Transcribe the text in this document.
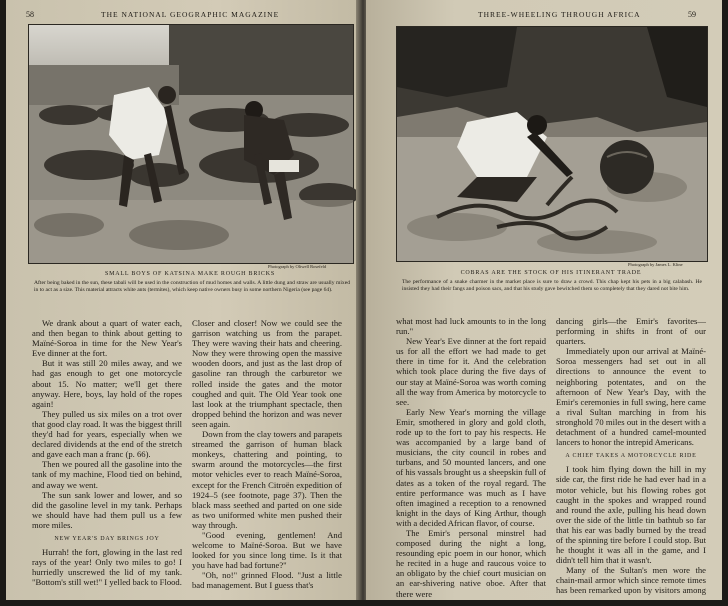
58	THE NATIONAL GEOGRAPHIC MAGAZINE
Photograph by Oliwell Rosefeld
SMALL BOYS OF KATSINA MAKE ROUGH BRICKS
After being baked in the sun, these tabali will be used in the construction of mud homes and walls. A little dung and straw are usually mixed in to act as a size. This material attracts white ants (termites), which keep native owners busy in some northern Nigeria (see page 64).

We drank about a quart of water each, and then began to think about getting to Maïné-Soroa in time for the New Year's Eve dinner at the fort.

But it was still 20 miles away, and we had gas enough to get one motorcycle about 15. No matter; we'll get there anyway. Here, boys, lay hold of the ropes again!

They pulled us six miles on a trot over that good clay road. It was the biggest thrill they'd had for years, especially when we declared dividends at the end of the stretch and gave each man a franc (p. 66).

Then we poured all the gasoline into the tank of my machine, Flood tied on behind, and away we went.

The sun sank lower and lower, and so did the gasoline level in my tank. Perhaps we should have had them pull us a few more miles.

NEW YEAR'S DAY BRINGS JOY

Hurrah! the fort, glowing in the last red rays of the year! Only two miles to go! I hurriedly unscrewed the lid of my tank. "Bottom's still wet!" I yelled back to Flood.

Closer and closer! Now we could see the garrison watching us from the parapet. They were waving their hats and cheering. Now they were throwing open the massive wooden doors, and just as the last drop of gasoline ran through the carburetor we rolled inside the gates and the motor coughed and quit. The Old Year took one last look at the triumphant spectacle, then dropped behind the horizon and was never seen again.

Down from the clay towers and parapets streamed the garrison of human black monkeys, chattering and pointing, to swarm around the motorcycles—the first motor vehicles ever to reach Maïné-Soroa, except for the French Citroën expedition of 1924–5 (see footnote, page 37). Then the black mass seethed and parted on one side as two uniformed white men pushed their way through.

"Good evening, gentlemen! And welcome to Maïné-Soroa. But we have looked for you since long time. Is it that you have had bad fortune?"

"Oh, no!" grinned Flood. "Just a little bad management. But I guess that's

THREE-WHEELING THROUGH AFRICA	59
Photograph by James L. Kline
COBRAS ARE THE STOCK OF HIS ITINERANT TRADE
The performance of a snake charmer in the market place is sure to draw a crowd. This chap kept his pets in a big calabash. He insisted they had their fangs and poison sacs, and that his study gave bewitched them so completely that they dared not bite him.

what most had luck amounts to in the long run."

New Year's Eve dinner at the fort repaid us for all the effort we had made to get there in time for it. And the celebration which took place during the five days of our stay at Maïné-Soroa was worth coming all the way from America by motorcycle to see.

Early New Year's morning the village Emir, smothered in glory and gold cloth, rode up to the fort to pay his respects. He was accompanied by a large band of musicians, the city council in robes and turbans, and 50 mounted lancers, and one of his vassals brought us a sheepskin full of dates as a token of the royal regard. The entire performance was much as I have often imagined a reception to a renowned knight in the days of King Arthur, though with a decided African flavor, of course.

The Emir's personal minstrel had composed during the night a long, resounding epic poem in our honor, which he recited in a huge and raucous voice to an obligato by the chief court musician on an ear-shivering native oboe. After that there were

dancing girls—the Emir's favorites—performing in shifts in front of our quarters.

Immediately upon our arrival at Maïné-Soroa messengers had set out in all directions to announce the event to neighboring potentates, and on the afternoon of New Year's Day, with the Emir's ceremonies in full swing, here came a rival Sultan marching in from his stronghold 70 miles out in the desert with a detachment of a hundred camel-mounted lancers to honor the intrepid Americans.

A CHIEF TAKES A MOTORCYCLE RIDE

I took him flying down the hill in my side car, the first ride he had ever had in a motor vehicle, but his flowing robes got caught in the spokes and wrapped round and round the axle, pulling his head down over the side of the little tin bathtub so far that his ear was badly burned by the tread of the spinning tire before I could stop. But he thought it was all in the game, and I didn't tell him that it wasn't.

Many of the Sultan's men wore the chain-mail armor which since remote times has been remarked upon by visitors among or-
